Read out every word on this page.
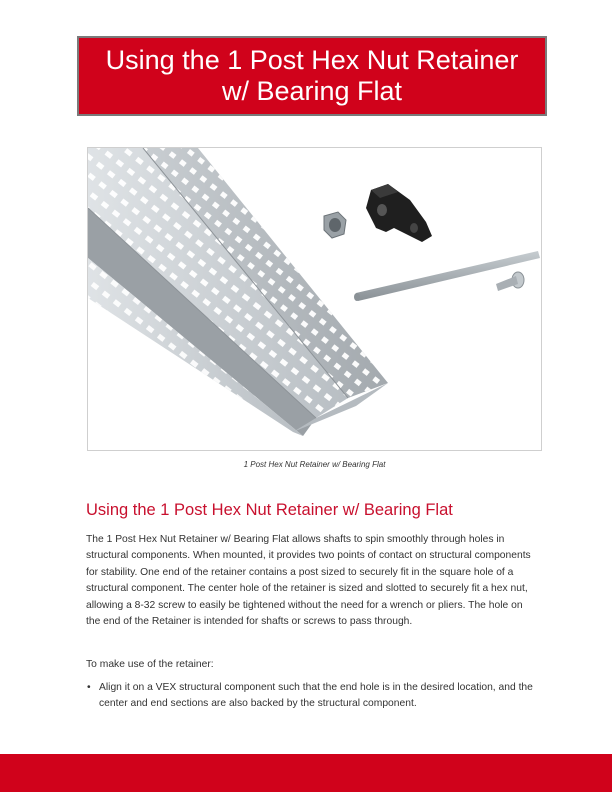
Using the 1 Post Hex Nut Retainer
w/ Bearing Flat
1 Post Hex Nut Retainer w/ Bearing Flat
Using the 1 Post Hex Nut Retainer w/ Bearing Flat

The 1 Post Hex Nut Retainer w/ Bearing Flat allows shafts to spin smoothly through holes in structural components. When mounted, it provides two points of contact on structural components for stability. One end of the retainer contains a post sized to securely fit in the square hole of a structural component. The center hole of the retainer is sized and slotted to securely fit a hex nut, allowing a 8-32 screw to easily be tightened without the need for a wrench or pliers. The hole on the end of the Retainer is intended for shafts or screws to pass through.

To make use of the retainer:

• Align it on a VEX structural component such that the end hole is in the desired location, and the center and end sections are also backed by the structural component.
